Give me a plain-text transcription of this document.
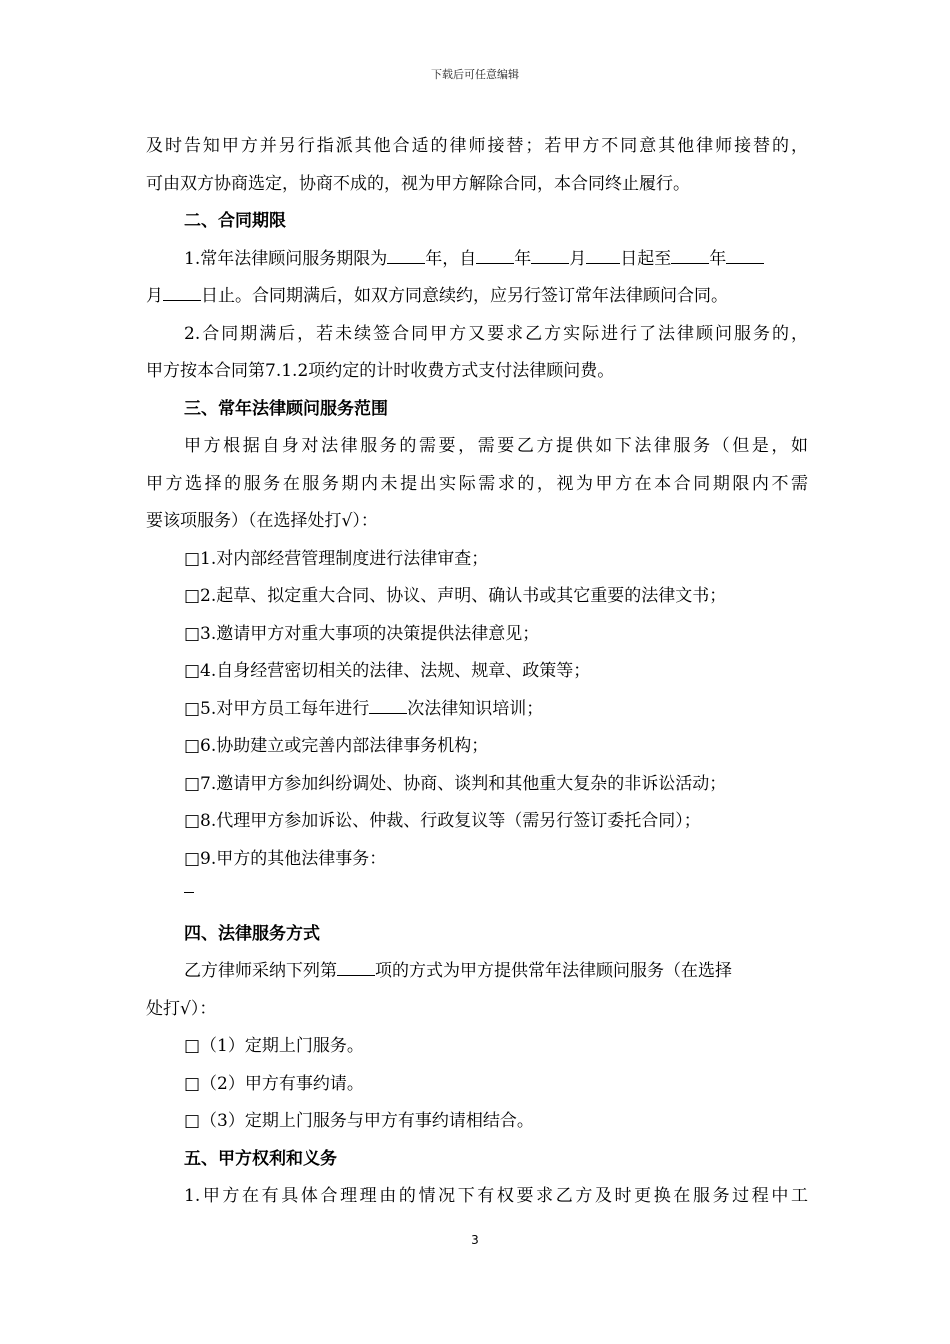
下载后可任意编辑
及时告知甲方并另行指派其他合适的律师接替；若甲方不同意其他律师接替的，
可由双方协商选定，协商不成的，视为甲方解除合同，本合同终止履行。
二、合同期限
1.常年法律顾问服务期限为 年，自 年 月 日起至 年
月 日止。合同期满后，如双方同意续约，应另行签订常年法律顾问合同。
2.合同期满后，若未续签合同甲方又要求乙方实际进行了法律顾问服务的，
甲方按本合同第7.1.2项约定的计时收费方式支付法律顾问费。
三、常年法律顾问服务范围
甲方根据自身对法律服务的需要，需要乙方提供如下法律服务（但是，如
甲方选择的服务在服务期内未提出实际需求的，视为甲方在本合同期限内不需
要该项服务）（在选择处打√）：
□1.对内部经营管理制度进行法律审查；
□2.起草、拟定重大合同、协议、声明、确认书或其它重要的法律文书；
□3.邀请甲方对重大事项的决策提供法律意见；
□4.自身经营密切相关的法律、法规、规章、政策等；
□5.对甲方员工每年进行 次法律知识培训；
□6.协助建立或完善内部法律事务机构；
□7.邀请甲方参加纠纷调处、协商、谈判和其他重大复杂的非诉讼活动；
□8.代理甲方参加诉讼、仲裁、行政复议等（需另行签订委托合同）；
□9.甲方的其他法律事务：
四、法律服务方式
乙方律师采纳下列第 项的方式为甲方提供常年法律顾问服务（在选择
处打√）：
□（1）定期上门服务。
□（2）甲方有事约请。
□（3）定期上门服务与甲方有事约请相结合。
五、甲方权利和义务
1.甲方在有具体合理理由的情况下有权要求乙方及时更换在服务过程中工
3
